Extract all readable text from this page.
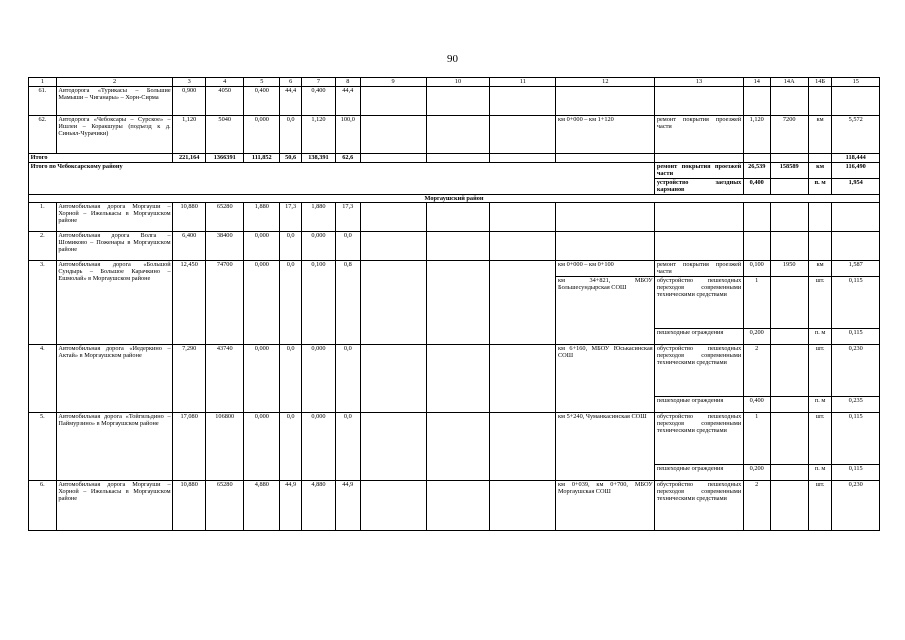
90
1	2	3	4	5	6	7	8	9	10	11	12	13	14	14А	14Б	15
61.	Автодорога «Турикасы – Большие Мамыши – Чиганары» – Хорн-Сирма	0,900	4050	0,400	44,4	0,400	44,4									
62.	Автодорога «Чебоксары – Сурское» – Ишлеи – Коракшуры (подъезд к д. Синьял-Чурачики)	1,120	5040	0,000	0,0	1,120	100,0				км 0+000 – км 1+120	ремонт покрытия проезжей части	1,120	7200	км	5,572
Итого		221,164	1366391	111,852	50,6	138,391	62,6									118,444
Итого по Чебоксарскому району												ремонт покрытия проезжей части	26,539	158589	км	116,490
												устройство заездных карманов	0,400		п. м	1,954
Моргаушский район																
1.	Автомобильная дорога Моргауши – Хорной – Ижелькасы в Моргаушском районе	10,880	65280	1,880	17,3	1,880	17,3									
2.	Автомобильная дорога Волга – Шомиково – Поженары в Моргаушском районе	6,400	38400	0,000	0,0	0,000	0,0									
3.	Автомобильная дорога «Большой Сундырь – Большое Карачкино – Ешмолай» в Моргаушском районе	12,450	74700	0,000	0,0	0,100	0,8				км 0+000 – км 0+100	ремонт покрытия проезжей части	0,100	1950	км	1,587
											км 34+821, МБОУ Большесундырская СОШ	обустройство пешеходных переходов современными техническими средствами	1		шт.	0,115
												пешеходные ограждения	0,200		п. м	0,115
4.	Автомобильная дорога «Иедеркино – Актай» в Моргаушском районе	7,290	43740	0,000	0,0	0,000	0,0				км 6+160, МБОУ Юськасинская СОШ	обустройство пешеходных переходов современными техническими средствами	2		шт.	0,230
												пешеходные ограждения	0,400		п. м	0,235
5.	Автомобильная дорога «Тойгильдино – Паймурзино» в Моргаушском районе	17,080	106800	0,000	0,0	0,000	0,0				км 5+240, Чуманкасинская СОШ	обустройство пешеходных переходов современными техническими средствами	1		шт.	0,115
												пешеходные ограждения	0,200		п. м	0,115
6.	Автомобильная дорога Моргауши – Хорной – Ижелькасы в Моргаушском районе	10,880	65280	4,880	44,9	4,880	44,9				км 0+039, км 0+700, МБОУ Моргаушская СОШ	обустройство пешеходных переходов современными техническими средствами	2		шт.	0,230
